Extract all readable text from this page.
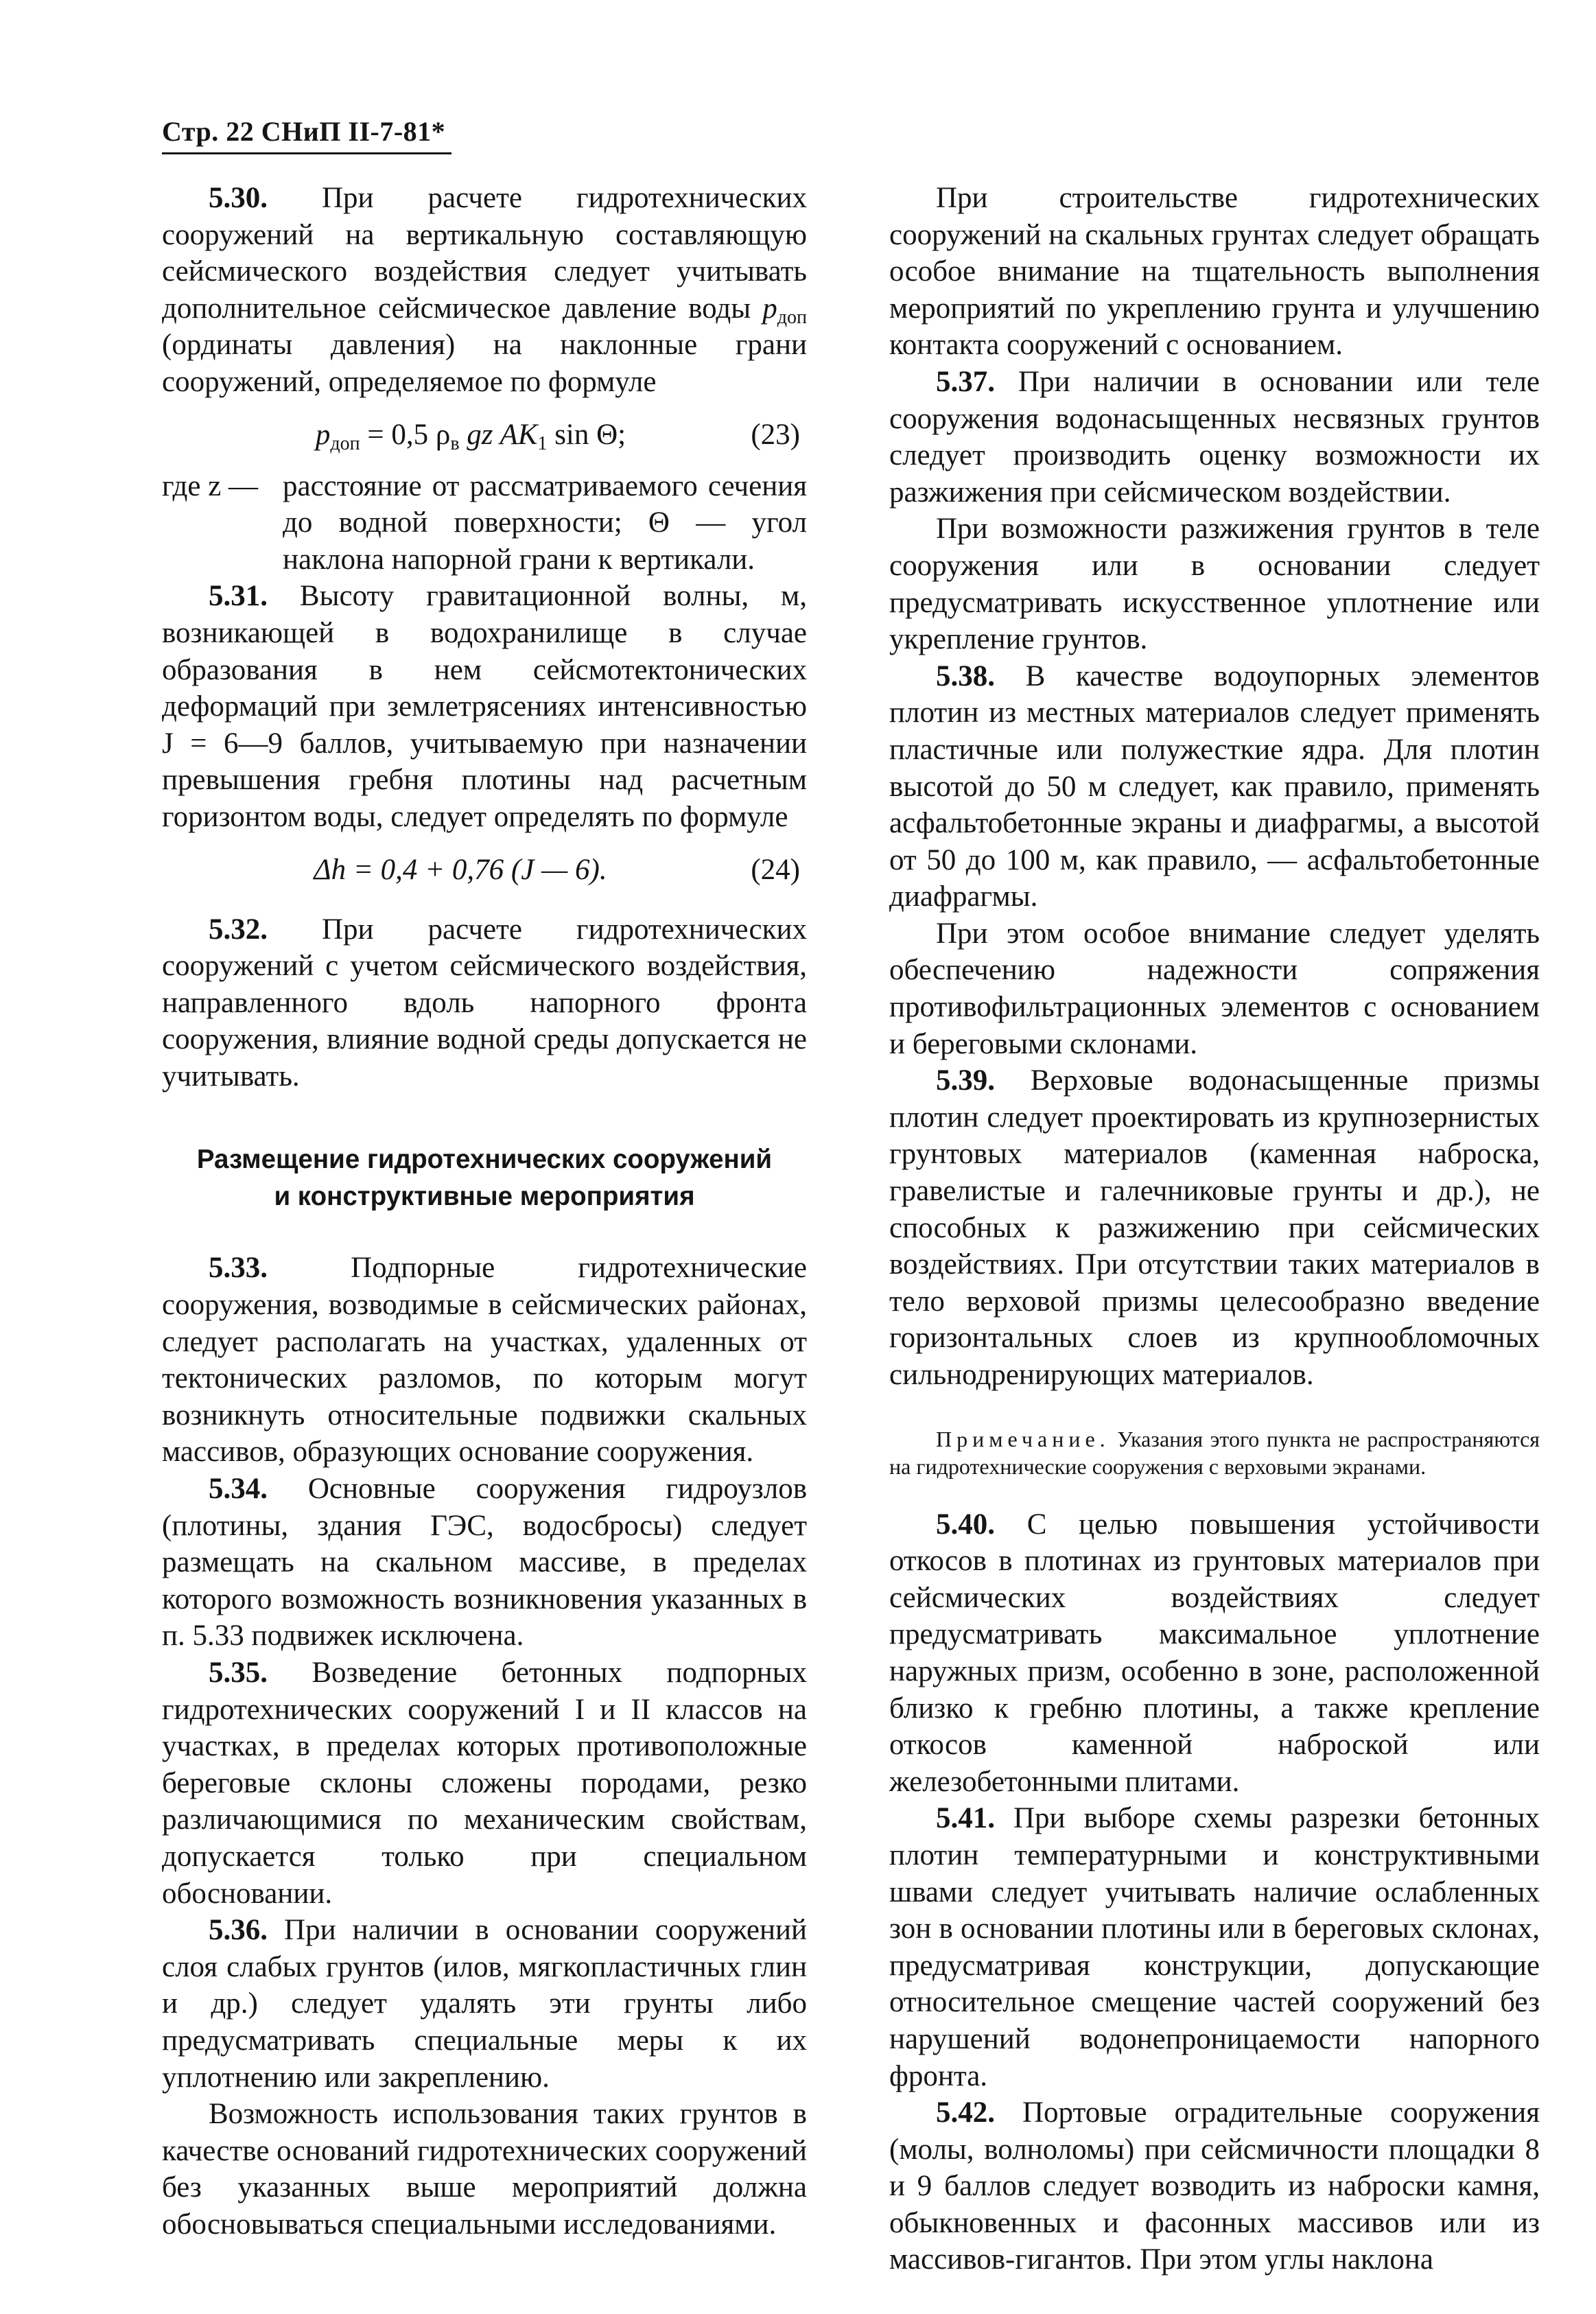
Стр. 22 СНиП II-7-81*

5.30. При расчете гидротехнических сооружений на вертикальную составляющую сейсмического воздействия следует учитывать дополнительное сейсмическое давление воды $p_{доп}$ (ординаты давления) на наклонные грани сооружений, определяемое по формуле

$p_{доп} = 0,5$ $\rho_в$ gz $AK_1$ sin Θ;	(23)
где z — расстояние от рассматриваемого сечения до водной поверхности; Θ — угол наклона напорной грани к вертикали.

5.31. Высоту гравитационной волны, м, возникающей в водохранилище в случае образования в нем сейсмотектонических деформаций при землетрясениях интенсивностью J = 6—9 баллов, учитываемую при назначении превышения гребня плотины над расчетным горизонтом воды, следует определять по формуле

Δh = 0,4 + 0,76 (J — 6).	(24)

5.32. При расчете гидротехнических сооружений с учетом сейсмического воздействия, направленного вдоль напорного фронта сооружения, влияние водной среды допускается не учитывать.

Размещение гидротехнических сооружений
и конструктивные мероприятия

5.33. Подпорные гидротехнические сооружения, возводимые в сейсмических районах, следует располагать на участках, удаленных от тектонических разломов, по которым могут возникнуть относительные подвижки скальных массивов, образующих основание сооружения.

5.34. Основные сооружения гидроузлов (плотины, здания ГЭС, водосбросы) следует размещать на скальном массиве, в пределах которого возможность возникновения указанных в п. 5.33 подвижек исключена.

5.35. Возведение бетонных подпорных гидротехнических сооружений I и II классов на участках, в пределах которых противоположные береговые склоны сложены породами, резко различающимися по механическим свойствам, допускается только при специальном обосновании.

5.36. При наличии в основании сооружений слоя слабых грунтов (илов, мягкопластичных глин и др.) следует удалять эти грунты либо предусматривать специальные меры к их уплотнению или закреплению.

Возможность использования таких грунтов в качестве оснований гидротехнических сооружений без указанных выше мероприятий должна обосновываться специальными исследованиями.

При строительстве гидротехнических сооружений на скальных грунтах следует обращать особое внимание на тщательность выполнения мероприятий по укреплению грунта и улучшению контакта сооружений с основанием.

5.37. При наличии в основании или теле сооружения водонасыщенных несвязных грунтов следует производить оценку возможности их разжижения при сейсмическом воздействии.

При возможности разжижения грунтов в теле сооружения или в основании следует предусматривать искусственное уплотнение или укрепление грунтов.

5.38. В качестве водоупорных элементов плотин из местных материалов следует применять пластичные или полужесткие ядра. Для плотин высотой до 50 м следует, как правило, применять асфальтобетонные экраны и диафрагмы, а высотой от 50 до 100 м, как правило, — асфальтобетонные диафрагмы.

При этом особое внимание следует уделять обеспечению надежности сопряжения противофильтрационных элементов с основанием и береговыми склонами.

5.39. Верховые водонасыщенные призмы плотин следует проектировать из крупнозернистых грунтовых материалов (каменная наброска, гравелистые и галечниковые грунты и др.), не способных к разжижению при сейсмических воздействиях. При отсутствии таких материалов в тело верховой призмы целесообразно введение горизонтальных слоев из крупнообломочных сильнодренирующих материалов.

Примечание. Указания этого пункта не распространяются на гидротехнические сооружения с верховыми экранами.

5.40. С целью повышения устойчивости откосов в плотинах из грунтовых материалов при сейсмических воздействиях следует предусматривать максимальное уплотнение наружных призм, особенно в зоне, расположенной близко к гребню плотины, а также крепление откосов каменной наброской или железобетонными плитами.

5.41. При выборе схемы разрезки бетонных плотин температурными и конструктивными швами следует учитывать наличие ослабленных зон в основании плотины или в береговых склонах, предусматривая конструкции, допускающие относительное смещение частей сооружений без нарушений водонепроницаемости напорного фронта.

5.42. Портовые оградительные сооружения (молы, волноломы) при сейсмичности площадки 8 и 9 баллов следует возводить из наброски камня, обыкновенных и фасонных массивов или из массивов-гигантов. При этом углы наклона
